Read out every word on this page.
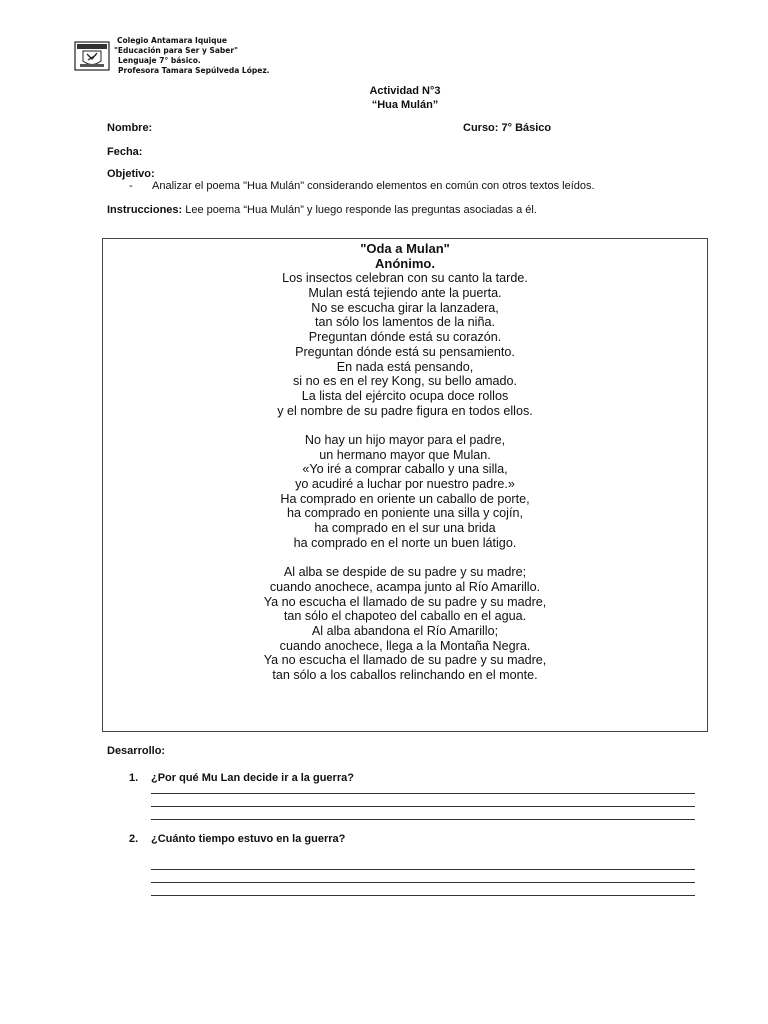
Colegio Antamara Iquique
"Educación para Ser y Saber"
Lenguaje 7° básico.
Profesora Tamara Sepúlveda López.
Actividad N°3
“Hua Mulán”
Nombre:	Curso: 7° Básico
Fecha:
Objetivo:
- Analizar el poema "Hua Mulán" considerando elementos en común con otros textos leídos.
Instrucciones: Lee poema “Hua Mulán” y luego responde las preguntas asociadas a él.
"Oda a Mulan"
Anónimo.
Los insectos celebran con su canto la tarde.
Mulan está tejiendo ante la puerta.
No se escucha girar la lanzadera,
tan sólo los lamentos de la niña.
Preguntan dónde está su corazón.
Preguntan dónde está su pensamiento.
En nada está pensando,
si no es en el rey Kong, su bello amado.
La lista del ejército ocupa doce rollos
y el nombre de su padre figura en todos ellos.
No hay un hijo mayor para el padre,
un hermano mayor que Mulan.
«Yo iré a comprar caballo y una silla,
yo acudiré a luchar por nuestro padre.»
Ha comprado en oriente un caballo de porte,
ha comprado en poniente una silla y cojín,
ha comprado en el sur una brida
ha comprado en el norte un buen látigo.
Al alba se despide de su padre y su madre;
cuando anochece, acampa junto al Río Amarillo.
Ya no escucha el llamado de su padre y su madre,
tan sólo el chapoteo del caballo en el agua.
Al alba abandona el Río Amarillo;
cuando anochece, llega a la Montaña Negra.
Ya no escucha el llamado de su padre y su madre,
tan sólo a los caballos relinchando en el monte.
Desarrollo:
1. ¿Por qué Mu Lan decide ir a la guerra?
2. ¿Cuánto tiempo estuvo en la guerra?
